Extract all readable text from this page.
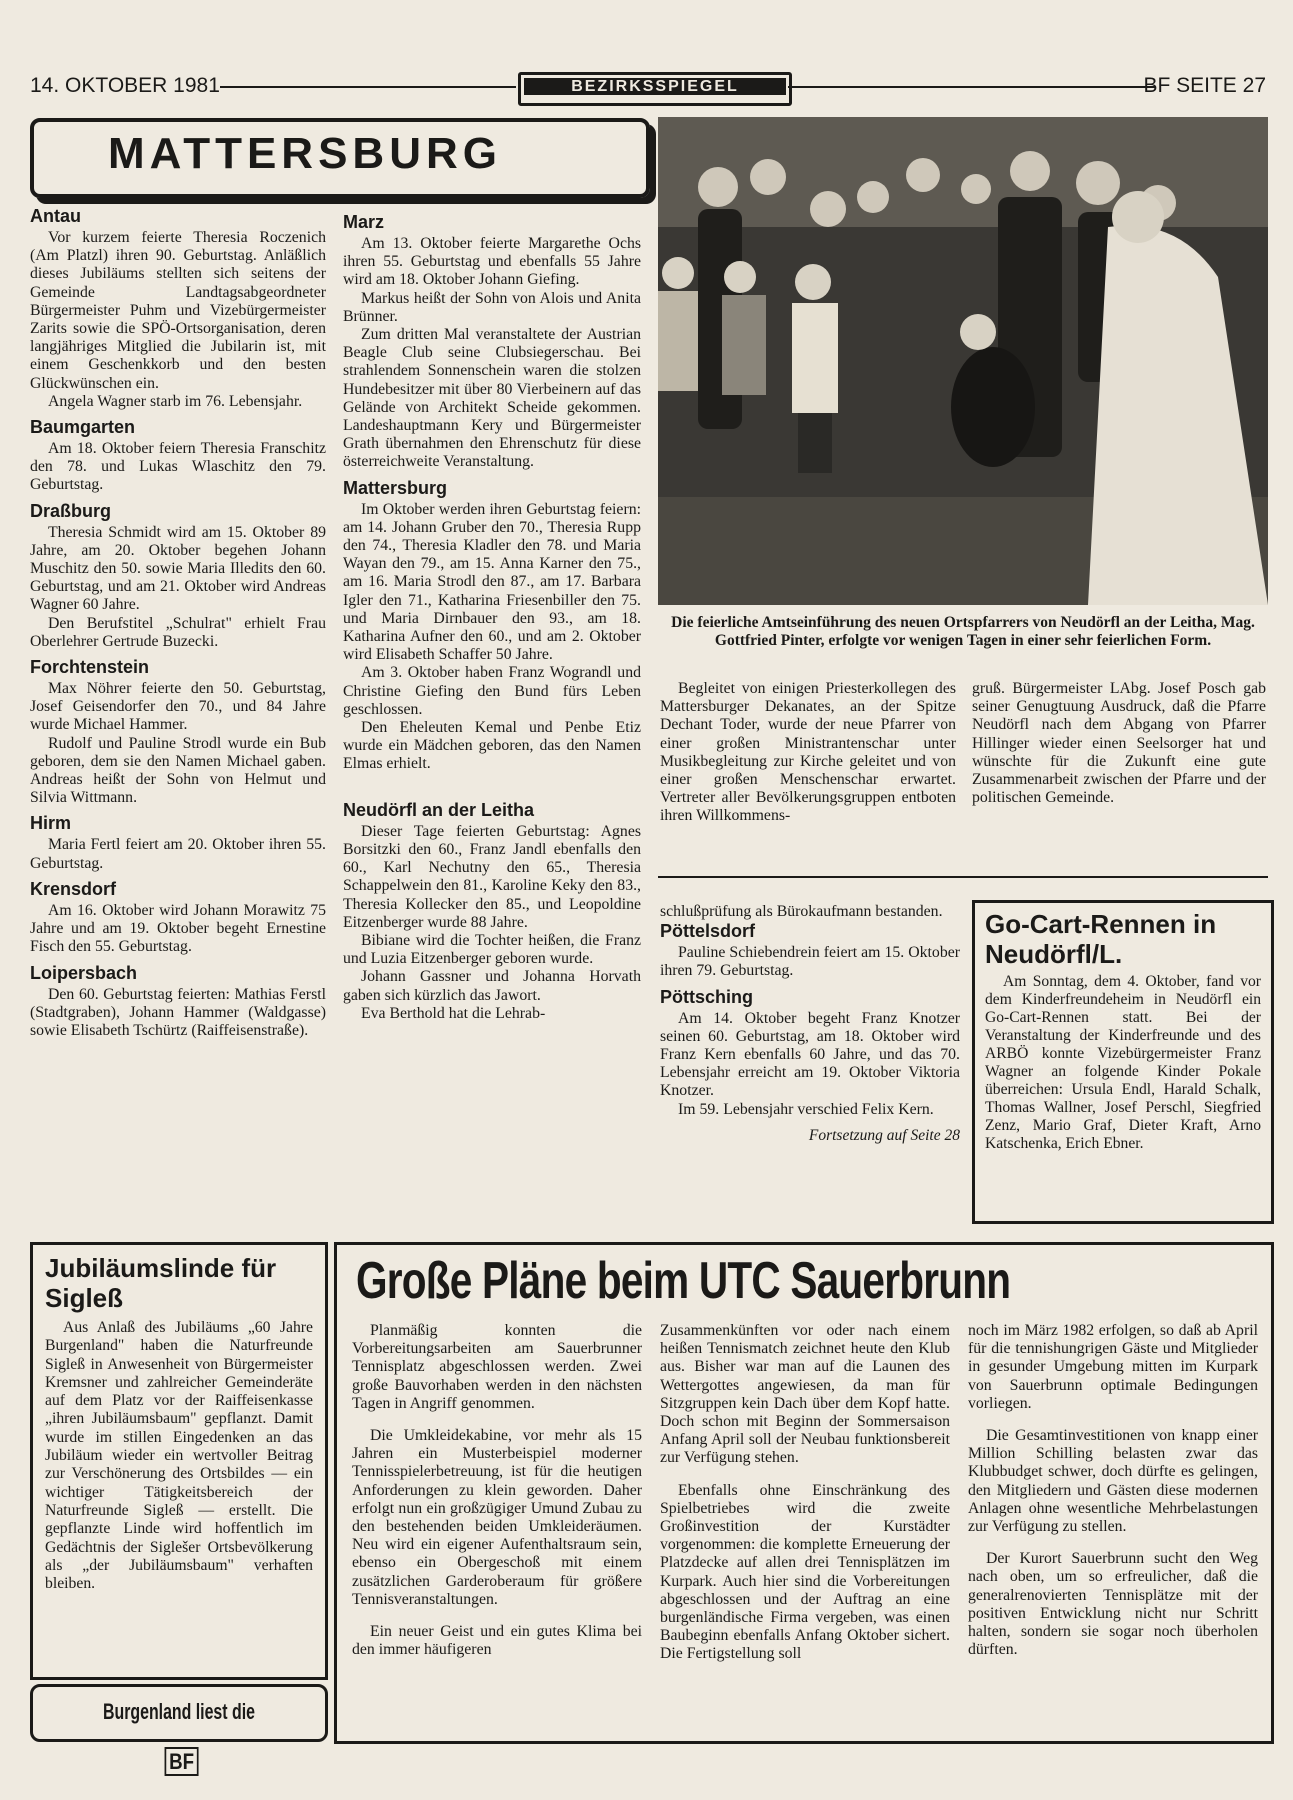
14. OKTOBER 1981	BEZIRKSSPIEGEL	BF SEITE 27
MATTERSBURG
Antau

Vor kurzem feierte Theresia Roczenich (Am Platzl) ihren 90. Geburtstag. Anläßlich dieses Jubiläums stellten sich seitens der Gemeinde Landtagsabgeordneter Bürgermeister Puhm und Vizebürgermeister Zarits sowie die SPÖ-Ortsorganisation, deren langjähriges Mitglied die Jubilarin ist, mit einem Geschenkkorb und den besten Glückwünschen ein.

Angela Wagner starb im 76. Lebensjahr.

Baumgarten

Am 18. Oktober feiern Theresia Franschitz den 78. und Lukas Wlaschitz den 79. Geburtstag.

Draßburg

Theresia Schmidt wird am 15. Oktober 89 Jahre, am 20. Oktober begehen Johann Muschitz den 50. sowie Maria Illedits den 60. Geburtstag, und am 21. Oktober wird Andreas Wagner 60 Jahre.

Den Berufstitel „Schulrat" erhielt Frau Oberlehrer Gertrude Buzecki.

Forchtenstein

Max Nöhrer feierte den 50. Geburtstag, Josef Geisendorfer den 70., und 84 Jahre wurde Michael Hammer.

Rudolf und Pauline Strodl wurde ein Bub geboren, dem sie den Namen Michael gaben. Andreas heißt der Sohn von Helmut und Silvia Wittmann.

Hirm

Maria Fertl feiert am 20. Oktober ihren 55. Geburtstag.

Krensdorf

Am 16. Oktober wird Johann Morawitz 75 Jahre und am 19. Oktober begeht Ernestine Fisch den 55. Geburtstag.

Loipersbach

Den 60. Geburtstag feierten: Mathias Ferstl (Stadtgraben), Johann Hammer (Waldgasse) sowie Elisabeth Tschürtz (Raiffeisenstraße).

Marz

Am 13. Oktober feierte Margarethe Ochs ihren 55. Geburtstag und ebenfalls 55 Jahre wird am 18. Oktober Johann Giefing.

Markus heißt der Sohn von Alois und Anita Brünner.

Zum dritten Mal veranstaltete der Austrian Beagle Club seine Clubsiegerschau. Bei strahlendem Sonnenschein waren die stolzen Hundebesitzer mit über 80 Vierbeinern auf das Gelände von Architekt Scheide gekommen. Landeshauptmann Kery und Bürgermeister Grath übernahmen den Ehrenschutz für diese österreichweite Veranstaltung.

Mattersburg

Im Oktober werden ihren Geburtstag feiern: am 14. Johann Gruber den 70., Theresia Rupp den 74., Theresia Kladler den 78. und Maria Wayan den 79., am 15. Anna Karner den 75., am 16. Maria Strodl den 87., am 17. Barbara Igler den 71., Katharina Friesenbiller den 75. und Maria Dirnbauer den 93., am 18. Katharina Aufner den 60., und am 2. Oktober wird Elisabeth Schaffer 50 Jahre.

Am 3. Oktober haben Franz Wograndl und Christine Giefing den Bund fürs Leben geschlossen.

Den Eheleuten Kemal und Penbe Etiz wurde ein Mädchen geboren, das den Namen Elmas erhielt.

Neudörfl an der Leitha

Dieser Tage feierten Geburtstag: Agnes Borsitzki den 60., Franz Jandl ebenfalls den 60., Karl Nechutny den 65., Theresia Schappelwein den 81., Karoline Keky den 83., Theresia Kollecker den 85., und Leopoldine Eitzenberger wurde 88 Jahre.

Bibiane wird die Tochter heißen, die Franz und Luzia Eitzenberger geboren wurde.

Johann Gassner und Johanna Horvath gaben sich kürzlich das Jawort.

Eva Berthold hat die Lehrab-

Die feierliche Amtseinführung des neuen Ortspfarrers von Neudörfl an der Leitha, Mag. Gottfried Pinter, erfolgte vor wenigen Tagen in einer sehr feierlichen Form.

Begleitet von einigen Priesterkollegen des Mattersburger Dekanates, an der Spitze Dechant Toder, wurde der neue Pfarrer von einer großen Ministrantenschar unter Musikbegleitung zur Kirche geleitet und von einer großen Menschenschar erwartet. Vertreter aller Bevölkerungsgruppen entboten ihren Willkommens-

gruß. Bürgermeister LAbg. Josef Posch gab seiner Genugtuung Ausdruck, daß die Pfarre Neudörfl nach dem Abgang von Pfarrer Hillinger wieder einen Seelsorger hat und wünschte für die Zukunft eine gute Zusammenarbeit zwischen der Pfarre und der politischen Gemeinde.

schlußprüfung als Bürokaufmann bestanden.

Pöttelsdorf

Pauline Schiebendrein feiert am 15. Oktober ihren 79. Geburtstag.

Pöttsching

Am 14. Oktober begeht Franz Knotzer seinen 60. Geburtstag, am 18. Oktober wird Franz Kern ebenfalls 60 Jahre, und das 70. Lebensjahr erreicht am 19. Oktober Viktoria Knotzer.

Im 59. Lebensjahr verschied Felix Kern.

Fortsetzung auf Seite 28

Go-Cart-Rennen in Neudörfl/L.
Am Sonntag, dem 4. Oktober, fand vor dem Kinderfreundeheim in Neudörfl ein Go-Cart-Rennen statt. Bei der Veranstaltung der Kinderfreunde und des ARBÖ konnte Vizebürgermeister Franz Wagner an folgende Kinder Pokale überreichen: Ursula Endl, Harald Schalk, Thomas Wallner, Josef Perschl, Siegfried Zenz, Mario Graf, Dieter Kraft, Arno Katschenka, Erich Ebner.
Jubiläumslinde für Sigleß
Aus Anlaß des Jubiläums „60 Jahre Burgenland" haben die Naturfreunde Sigleß in Anwesenheit von Bürgermeister Kremsner und zahlreicher Gemeinderäte auf dem Platz vor der Raiffeisenkasse „ihren Jubiläumsbaum" gepflanzt. Damit wurde im stillen Eingedenken an das Jubiläum wieder ein wertvoller Beitrag zur Verschönerung des Ortsbildes — ein wichtiger Tätigkeitsbereich der Naturfreunde Sigleß — erstellt. Die gepflanzte Linde wird hoffentlich im Gedächtnis der Siglešer Ortsbevölkerung als „der Jubiläumsbaum" verhaften bleiben.
Burgenland liest die
BF
Große Pläne beim UTC Sauerbrunn

Planmäßig konnten die Vorbereitungsarbeiten am Sauerbrunner Tennisplatz abgeschlossen werden. Zwei große Bauvorhaben werden in den nächsten Tagen in Angriff genommen.

Die Umkleidekabine, vor mehr als 15 Jahren ein Musterbeispiel moderner Tennisspielerbetreuung, ist für die heutigen Anforderungen zu klein geworden. Daher erfolgt nun ein großzügiger Umund Zubau zu den bestehenden beiden Umkleideräumen. Neu wird ein eigener Aufenthaltsraum sein, ebenso ein Obergeschoß mit einem zusätzlichen Garderoberaum für größere Tennisveranstaltungen.

Ein neuer Geist und ein gutes Klima bei den immer häufigeren

Zusammenkünften vor oder nach einem heißen Tennismatch zeichnet heute den Klub aus. Bisher war man auf die Launen des Wettergottes angewiesen, da man für Sitzgruppen kein Dach über dem Kopf hatte. Doch schon mit Beginn der Sommersaison Anfang April soll der Neubau funktionsbereit zur Verfügung stehen.

Ebenfalls ohne Einschränkung des Spielbetriebes wird die zweite Großinvestition der Kurstädter vorgenommen: die komplette Erneuerung der Platzdecke auf allen drei Tennisplätzen im Kurpark. Auch hier sind die Vorbereitungen abgeschlossen und der Auftrag an eine burgenländische Firma vergeben, was einen Baubeginn ebenfalls Anfang Oktober sichert. Die Fertigstellung soll

noch im März 1982 erfolgen, so daß ab April für die tennishungrigen Gäste und Mitglieder in gesunder Umgebung mitten im Kurpark von Sauerbrunn optimale Bedingungen vorliegen.

Die Gesamtinvestitionen von knapp einer Million Schilling belasten zwar das Klubbudget schwer, doch dürfte es gelingen, den Mitgliedern und Gästen diese modernen Anlagen ohne wesentliche Mehrbelastungen zur Verfügung zu stellen.

Der Kurort Sauerbrunn sucht den Weg nach oben, um so erfreulicher, daß die generalrenovierten Tennisplätze mit der positiven Entwicklung nicht nur Schritt halten, sondern sie sogar noch überholen dürften.
